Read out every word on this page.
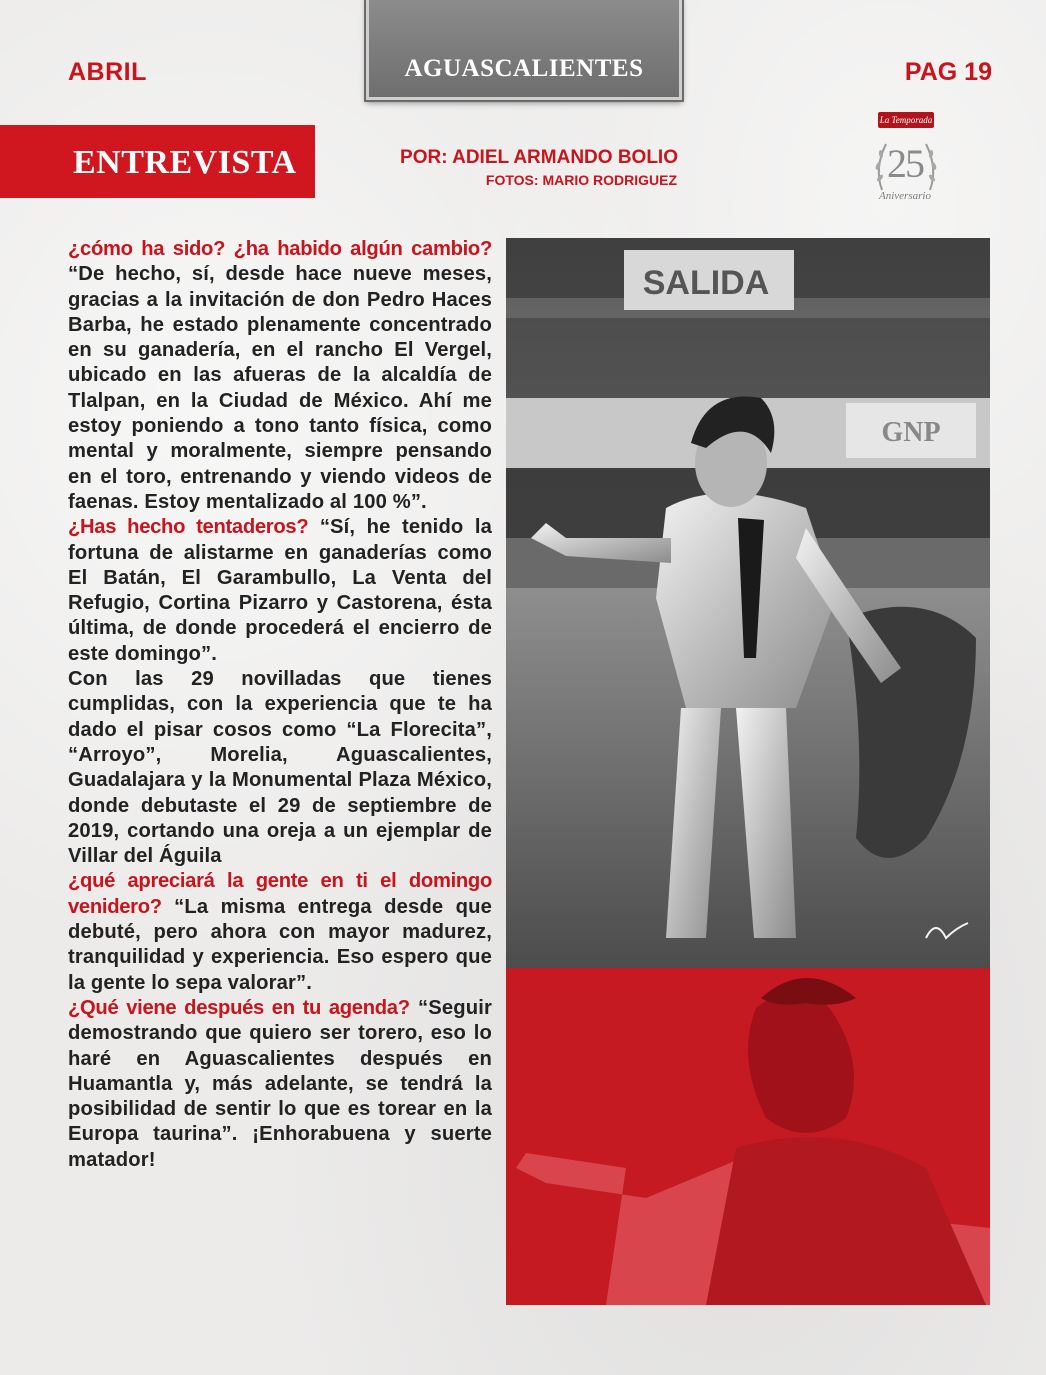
ABRIL	AGUASCALIENTES	PAG 19
ENTREVISTA	POR: ADIEL ARMANDO BOLIO
FOTOS: MARIO RODRIGUEZ
La Temporada
25
Aniversario

¿cómo ha sido? ¿ha habido algún cambio? “De hecho, sí, desde hace nueve meses, gracias a la invitación de don Pedro Haces Barba, he estado plenamente concentrado en su ganadería, en el rancho El Vergel, ubicado en las afueras de la alcaldía de Tlalpan, en la Ciudad de México. Ahí me estoy poniendo a tono tanto física, como mental y moralmente, siempre pensando en el toro, entrenando y viendo videos de faenas. Estoy mentalizado al 100 %”.

¿Has hecho tentaderos? “Sí, he tenido la fortuna de alistarme en ganaderías como El Batán, El Garambullo, La Venta del Refugio, Cortina Pizarro y Castorena, ésta última, de donde procederá el encierro de este domingo”.

Con las 29 novilladas que tienes cumplidas, con la experiencia que te ha dado el pisar cosos como “La Florecita”, “Arroyo”, Morelia, Aguascalientes, Guadalajara y la Monumental Plaza México, donde debutaste el 29 de septiembre de 2019, cortando una oreja a un ejemplar de Villar del Águila

¿qué apreciará la gente en ti el domingo venidero? “La misma entrega desde que debuté, pero ahora con mayor madurez, tranquilidad y experiencia. Eso espero que la gente lo sepa valorar”.

¿Qué viene después en tu agenda? “Seguir demostrando que quiero ser torero, eso lo haré en Aguascalientes después en Huamantla y, más adelante, se tendrá la posibilidad de sentir lo que es torear en la Europa taurina”. ¡Enhorabuena y suerte matador!

SALIDA
GNP
